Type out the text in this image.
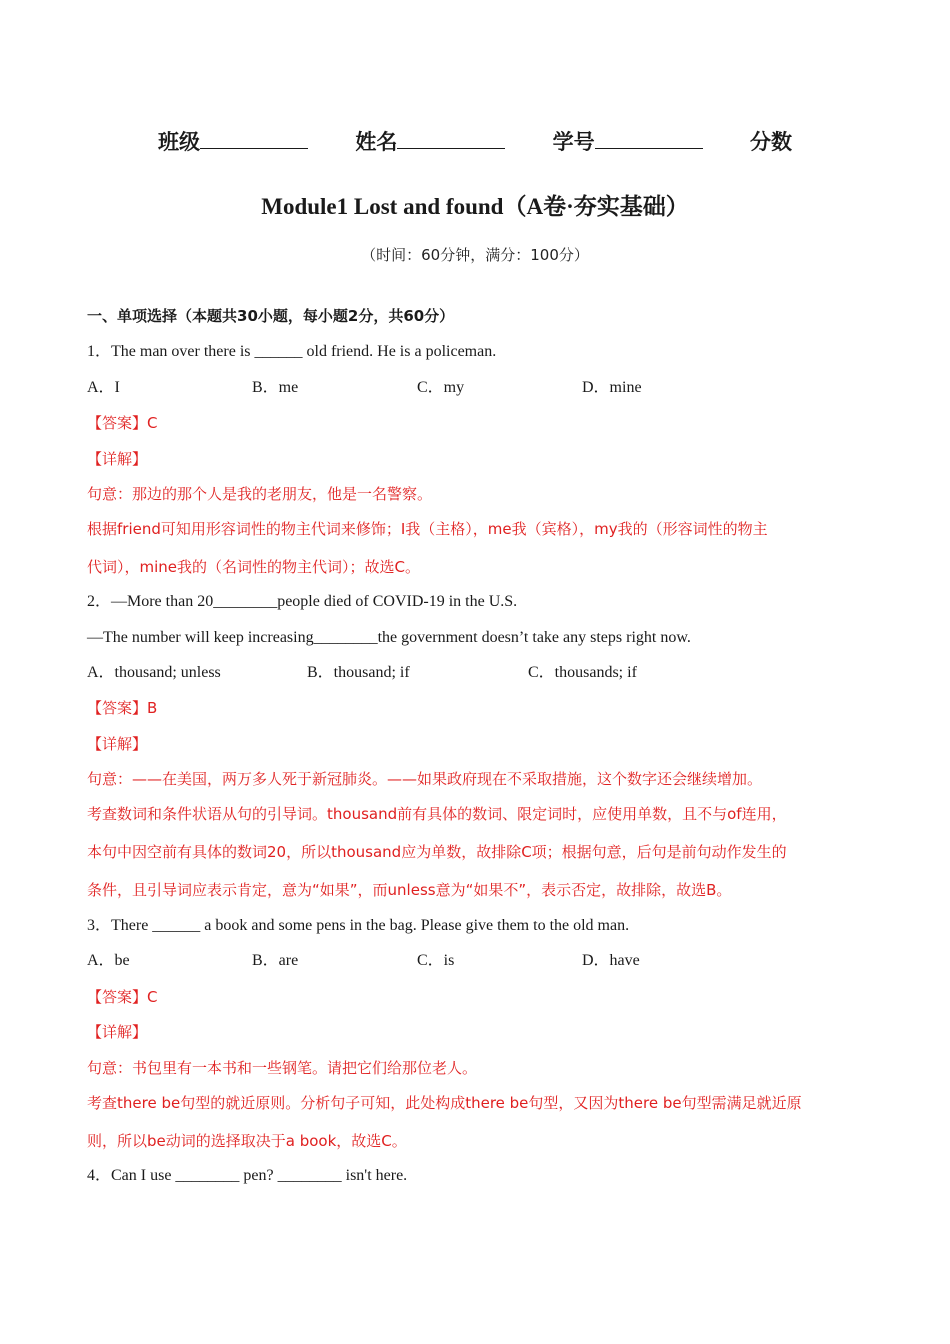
班级	姓名	学号	分数
Module1 Lost and found（A卷·夯实基础）
（时间：60分钟，满分：100分）
一、单项选择（本题共30小题，每小题2分，共60分）
1．The man over there is ______ old friend. He is a policeman.
A．I	B．me	C．my	D．mine
【答案】C
【详解】
句意：那边的那个人是我的老朋友，他是一名警察。
根据friend可知用形容词性的物主代词来修饰；I我（主格），me我（宾格），my我的（形容词性的物主
代词），mine我的（名词性的物主代词）；故选C。
2．—More than 20________people died of COVID-19 in the U.S.
—The number will keep increasing________the government doesn’t take any steps right now.
A．thousand; unless	B．thousand; if	C．thousands; if
【答案】B
【详解】
句意：——在美国，两万多人死于新冠肺炎。——如果政府现在不采取措施，这个数字还会继续增加。
考查数词和条件状语从句的引导词。thousand前有具体的数词、限定词时，应使用单数，且不与of连用，
本句中因空前有具体的数词20，所以thousand应为单数，故排除C项；根据句意，后句是前句动作发生的
条件，且引导词应表示肯定，意为“如果”，而unless意为“如果不”，表示否定，故排除，故选B。
3．There ______ a book and some pens in the bag. Please give them to the old man.
A．be	B．are	C．is	D．have
【答案】C
【详解】
句意：书包里有一本书和一些钢笔。请把它们给那位老人。
考查there be句型的就近原则。分析句子可知，此处构成there be句型，又因为there be句型需满足就近原
则，所以be动词的选择取决于a book，故选C。
4．Can I use ________ pen? ________ isn't here.
